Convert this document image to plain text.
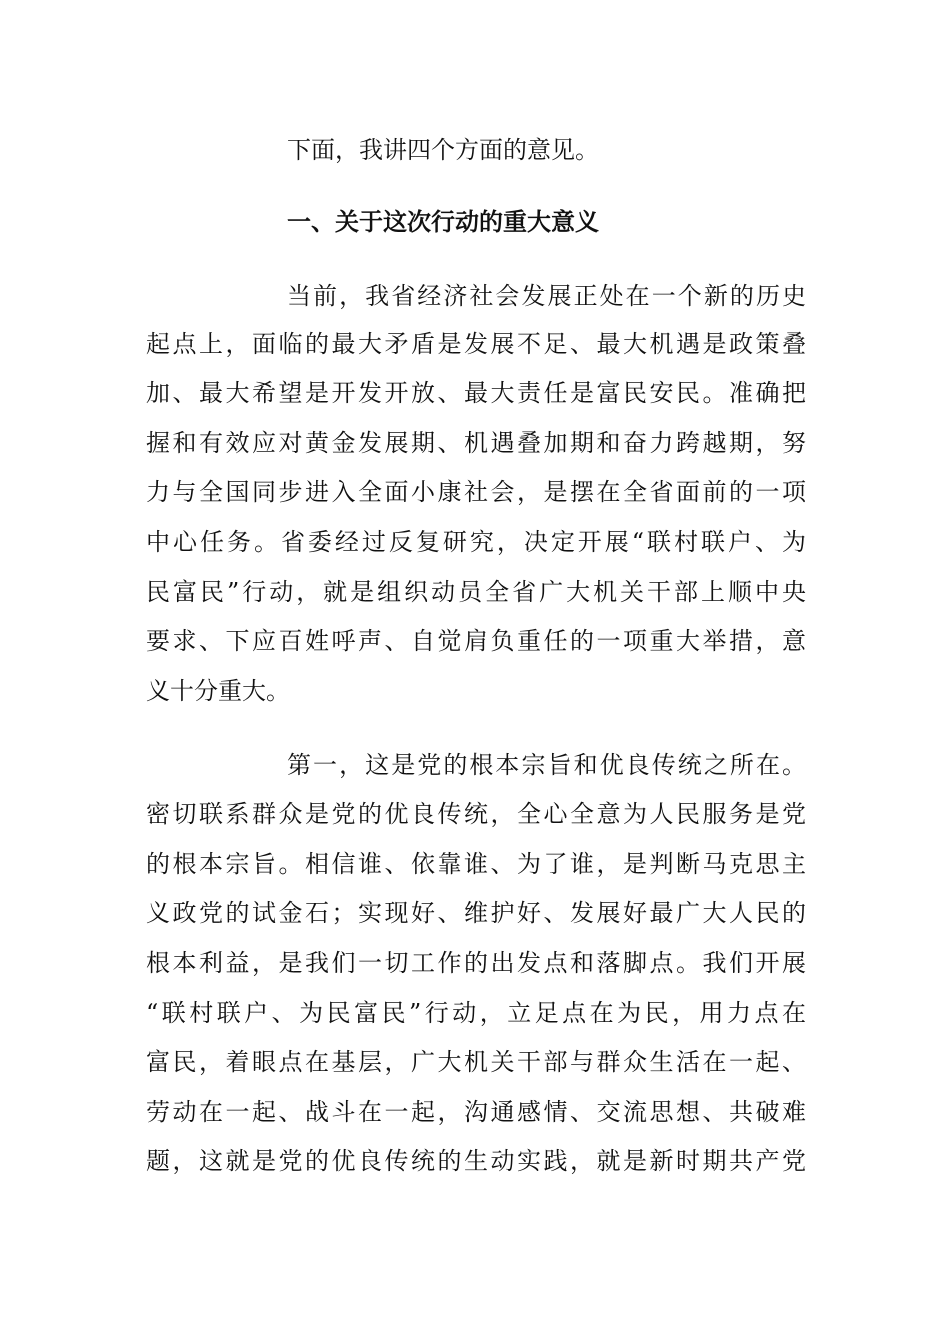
下面，我讲四个方面的意见。
一、关于这次行动的重大意义
当前，我省经济社会发展正处在一个新的历史
起点上，面临的最大矛盾是发展不足、最大机遇是政策叠
加、最大希望是开发开放、最大责任是富民安民。准确把
握和有效应对黄金发展期、机遇叠加期和奋力跨越期，努
力与全国同步进入全面小康社会，是摆在全省面前的一项
中心任务。省委经过反复研究，决定开展“联村联户、为
民富民”行动，就是组织动员全省广大机关干部上顺中央
要求、下应百姓呼声、自觉肩负重任的一项重大举措，意
义十分重大。
第一，这是党的根本宗旨和优良传统之所在。
密切联系群众是党的优良传统，全心全意为人民服务是党
的根本宗旨。相信谁、依靠谁、为了谁，是判断马克思主
义政党的试金石；实现好、维护好、发展好最广大人民的
根本利益，是我们一切工作的出发点和落脚点。我们开展
“联村联户、为民富民”行动，立足点在为民，用力点在
富民，着眼点在基层，广大机关干部与群众生活在一起、
劳动在一起、战斗在一起，沟通感情、交流思想、共破难
题，这就是党的优良传统的生动实践，就是新时期共产党
